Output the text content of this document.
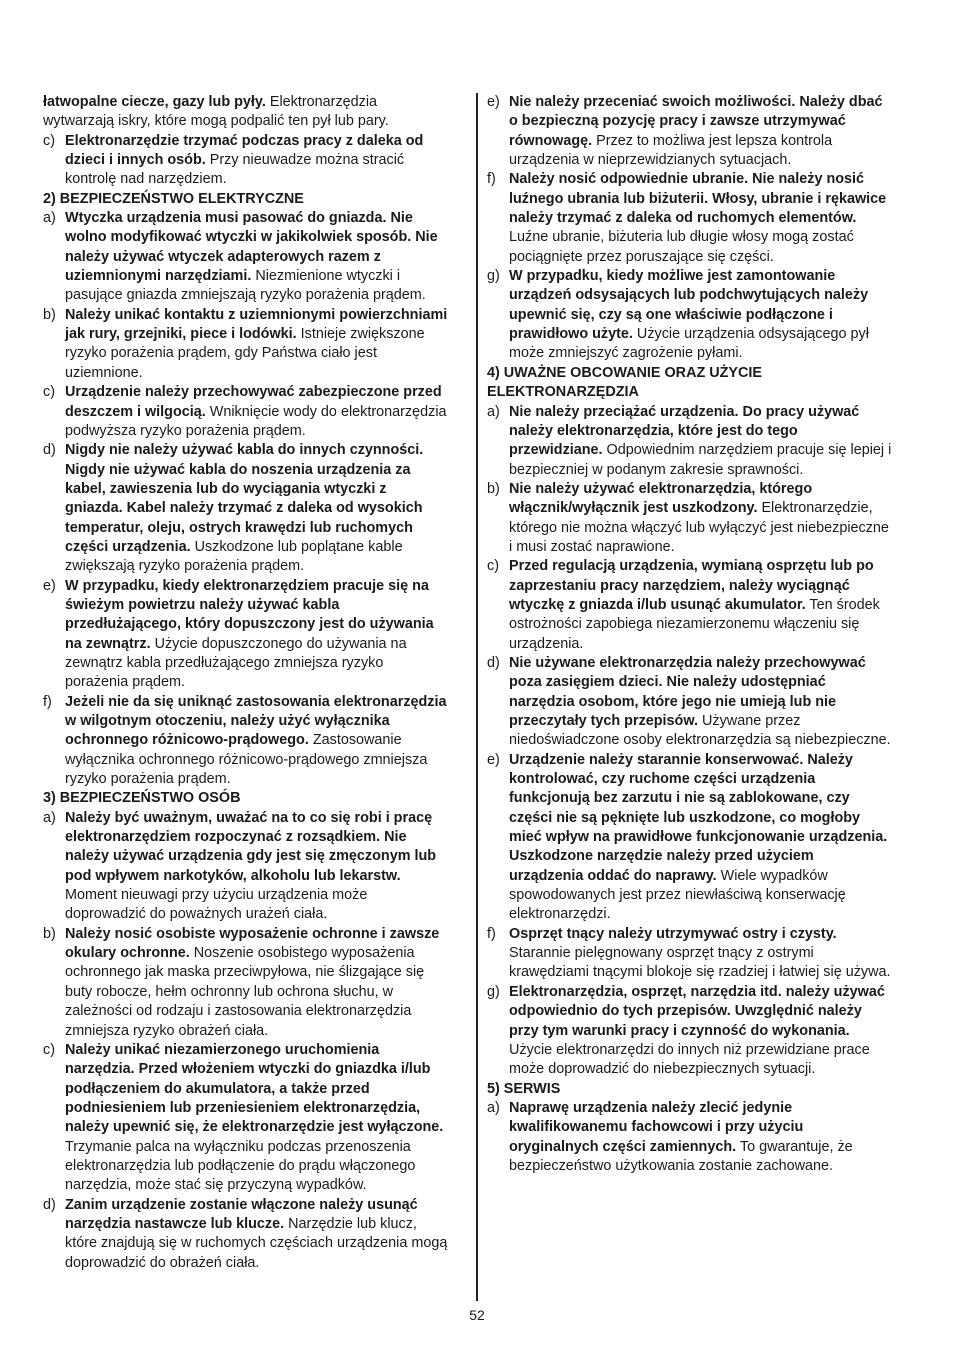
łatwopalne ciecze, gazy lub pyły. Elektronarzędzia wytwarzają iskry, które mogą podpalić ten pył lub pary.

c) Elektronarzędzie trzymać podczas pracy z daleka od dzieci i innych osób. Przy nieuwadze można stracić kontrolę nad narzędziem.

2) BEZPIECZEŃSTWO ELEKTRYCZNE

a) Wtyczka urządzenia musi pasować do gniazda. Nie wolno modyfikować wtyczki w jakikolwiek sposób. Nie należy używać wtyczek adapterowych razem z uziemnionymi narzędziami. Niezmienione wtyczki i pasujące gniazda zmniejszają ryzyko porażenia prądem.
b) Należy unikać kontaktu z uziemnionymi powierzchniami jak rury, grzejniki, piece i lodówki. Istnieje zwiększone ryzyko porażenia prądem, gdy Państwa ciało jest uziemnione.
c) Urządzenie należy przechowywać zabezpieczone przed deszczem i wilgocią. Wniknięcie wody do elektronarzędzia podwyższa ryzyko porażenia prądem.
d) Nigdy nie należy używać kabla do innych czynności. Nigdy nie używać kabla do noszenia urządzenia za kabel, zawieszenia lub do wyciągania wtyczki z gniazda. Kabel należy trzymać z daleka od wysokich temperatur, oleju, ostrych krawędzi lub ruchomych części urządzenia. Uszkodzone lub poplątane kable zwiększają ryzyko porażenia prądem.
e) W przypadku, kiedy elektronarzędziem pracuje się na świeżym powietrzu należy używać kabla przedłużającego, który dopuszczony jest do używania na zewnątrz. Użycie dopuszczonego do używania na zewnątrz kabla przedłużającego zmniejsza ryzyko porażenia prądem.
f) Jeżeli nie da się uniknąć zastosowania elektronarzędzia w wilgotnym otoczeniu, należy użyć wyłącznika ochronnego różnicowo-prądowego. Zastosowanie wyłącznika ochronnego różnicowo-prądowego zmniejsza ryzyko porażenia prądem.

3) BEZPIECZEŃSTWO OSÓB

a) Należy być uważnym, uważać na to co się robi i pracę elektronarzędziem rozpoczynać z rozsądkiem. Nie należy używać urządzenia gdy jest się zmęczonym lub pod wpływem narkotyków, alkoholu lub lekarstw. Moment nieuwagi przy użyciu urządzenia może doprowadzić do poważnych urażeń ciała.
b) Należy nosić osobiste wyposażenie ochronne i zawsze okulary ochronne. Noszenie osobistego wyposażenia ochronnego jak maska przeciwpyłowa, nie ślizgające się buty robocze, hełm ochronny lub ochrona słuchu, w zależności od rodzaju i zastosowania elektronarzędzia zmniejsza ryzyko obrażeń ciała.
c) Należy unikać niezamierzonego uruchomienia narzędzia. Przed włożeniem wtyczki do gniazdka i/lub podłączeniem do akumulatora, a także przed podniesieniem lub przeniesieniem elektronarzędzia, należy upewnić się, że elektronarzędzie jest wyłączone. Trzymanie palca na wyłączniku podczas przenoszenia elektronarzędzia lub podłączenie do prądu włączonego narzędzia, może stać się przyczyną wypadków.
d) Zanim urządzenie zostanie włączone należy usunąć narzędzia nastawcze lub klucze. Narzędzie lub klucz, które znajdują się w ruchomych częściach urządzenia mogą doprowadzić do obrażeń ciała.
e) Nie należy przeceniać swoich możliwości. Należy dbać o bezpieczną pozycję pracy i zawsze utrzymywać równowagę. Przez to możliwa jest lepsza kontrola urządzenia w nieprzewidzianych sytuacjach.
f) Należy nosić odpowiednie ubranie. Nie należy nosić luźnego ubrania lub biżuterii. Włosy, ubranie i rękawice należy trzymać z daleka od ruchomych elementów. Luźne ubranie, biżuteria lub długie włosy mogą zostać pociągnięte przez poruszające się części.
g) W przypadku, kiedy możliwe jest zamontowanie urządzeń odsysających lub podchwytujących należy upewnić się, czy są one właściwie podłączone i prawidłowo użyte. Użycie urządzenia odsysającego pył może zmniejszyć zagrożenie pyłami.

4) UWAŻNE OBCOWANIE ORAZ UŻYCIE ELEKTRONARZĘDZIA

a) Nie należy przeciążać urządzenia. Do pracy używać należy elektronarzędzia, które jest do tego przewidziane. Odpowiednim narzędziem pracuje się lepiej i bezpieczniej w podanym zakresie sprawności.
b) Nie należy używać elektronarzędzia, którego włącznik/wyłącznik jest uszkodzony. Elektronarzędzie, którego nie można włączyć lub wyłączyć jest niebezpieczne i musi zostać naprawione.
c) Przed regulacją urządzenia, wymianą osprzętu lub po zaprzestaniu pracy narzędziem, należy wyciągnąć wtyczkę z gniazda i/lub usunąć akumulator. Ten środek ostrożności zapobiega niezamierzonemu włączeniu się urządzenia.
d) Nie używane elektronarzędzia należy przechowywać poza zasięgiem dzieci. Nie należy udostępniać narzędzia osobom, które jego nie umieją lub nie przeczytały tych przepisów. Używane przez niedoświadczone osoby elektronarzędzia są niebezpieczne.
e) Urządzenie należy starannie konserwować. Należy kontrolować, czy ruchome części urządzenia funkcjonują bez zarzutu i nie są zablokowane, czy części nie są pęknięte lub uszkodzone, co mogłoby mieć wpływ na prawidłowe funkcjonowanie urządzenia. Uszkodzone narzędzie należy przed użyciem urządzenia oddać do naprawy. Wiele wypadków spowodowanych jest przez niewłaściwą konserwację elektronarzędzi.
f) Osprzęt tnący należy utrzymywać ostry i czysty. Starannie pielęgnowany osprzęt tnący z ostrymi krawędziami tnącymi blokoje się rzadziej i łatwiej się używa.
g) Elektronarzędzia, osprzęt, narzędzia itd. należy używać odpowiednio do tych przepisów. Uwzględnić należy przy tym warunki pracy i czynność do wykonania. Użycie elektronarzędzi do innych niż przewidziane prace może doprowadzić do niebezpiecznych sytuacji.

5) SERWIS

a) Naprawę urządzenia należy zlecić jedynie kwalifikowanemu fachowcowi i przy użyciu oryginalnych części zamiennych. To gwarantuje, że bezpieczeństwo użytkowania zostanie zachowane.
52
